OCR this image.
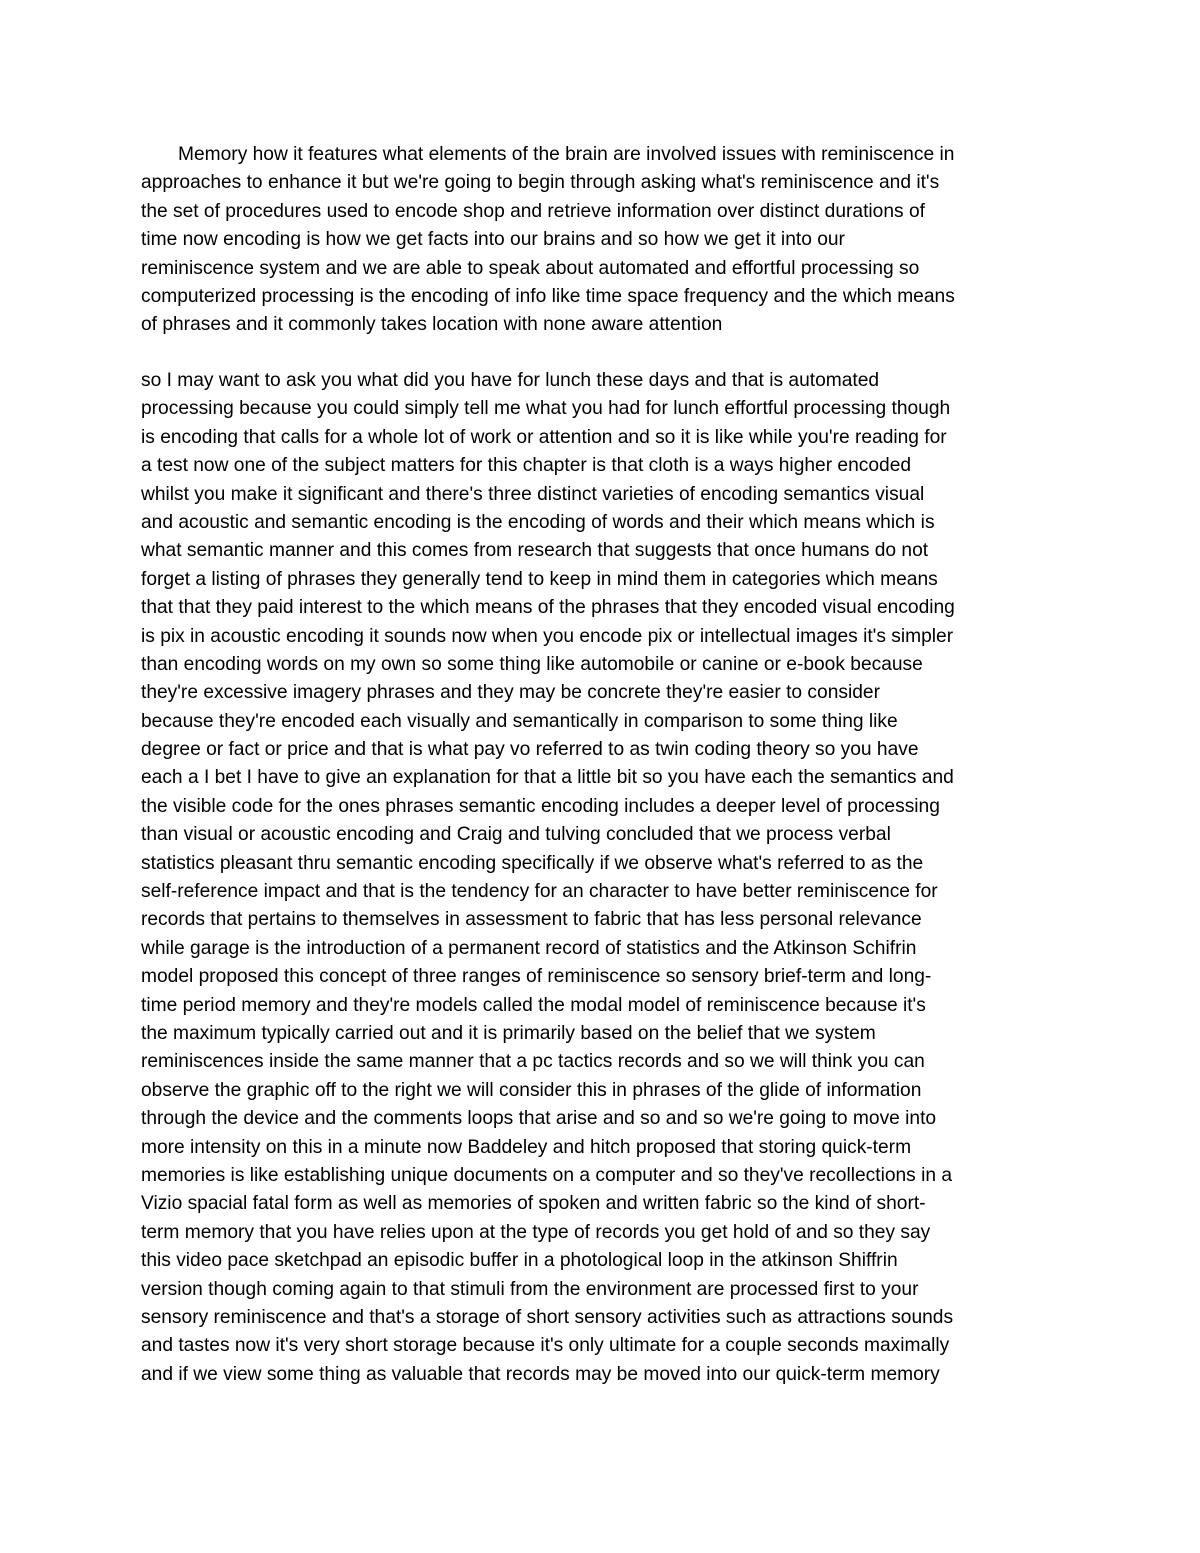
Memory how it features what elements of the brain are involved issues with reminiscence in
approaches to enhance it but we're going to begin through asking what's reminiscence and it's
the set of procedures used to encode shop and retrieve information over distinct durations of
time now encoding is how we get facts into our brains and so how we get it into our
reminiscence system and we are able to speak about automated and effortful processing so
computerized processing is the encoding of info like time space frequency and the which means
of phrases and it commonly takes location with none aware attention
so I may want to ask you what did you have for lunch these days and that is automated
processing because you could simply tell me what you had for lunch effortful processing though
is encoding that calls for a whole lot of work or attention and so it is like while you're reading for
a test now one of the subject matters for this chapter is that cloth is a ways higher encoded
whilst you make it significant and there's three distinct varieties of encoding semantics visual
and acoustic and semantic encoding is the encoding of words and their which means which is
what semantic manner and this comes from research that suggests that once humans do not
forget a listing of phrases they generally tend to keep in mind them in categories which means
that that they paid interest to the which means of the phrases that they encoded visual encoding
is pix in acoustic encoding it sounds now when you encode pix or intellectual images it's simpler
than encoding words on my own so some thing like automobile or canine or e-book because
they're excessive imagery phrases and they may be concrete they're easier to consider
because they're encoded each visually and semantically in comparison to some thing like
degree or fact or price and that is what pay vo referred to as twin coding theory so you have
each a I bet I have to give an explanation for that a little bit so you have each the semantics and
the visible code for the ones phrases semantic encoding includes a deeper level of processing
than visual or acoustic encoding and Craig and tulving concluded that we process verbal
statistics pleasant thru semantic encoding specifically if we observe what's referred to as the
self-reference impact and that is the tendency for an character to have better reminiscence for
records that pertains to themselves in assessment to fabric that has less personal relevance
while garage is the introduction of a permanent record of statistics and the Atkinson Schifrin
model proposed this concept of three ranges of reminiscence so sensory brief-term and long-
time period memory and they're models called the modal model of reminiscence because it's
the maximum typically carried out and it is primarily based on the belief that we system
reminiscences inside the same manner that a pc tactics records and so we will think you can
observe the graphic off to the right we will consider this in phrases of the glide of information
through the device and the comments loops that arise and so and so we're going to move into
more intensity on this in a minute now Baddeley and hitch proposed that storing quick-term
memories is like establishing unique documents on a computer and so they've recollections in a
Vizio spacial fatal form as well as memories of spoken and written fabric so the kind of short-
term memory that you have relies upon at the type of records you get hold of and so they say
this video pace sketchpad an episodic buffer in a photological loop in the atkinson Shiffrin
version though coming again to that stimuli from the environment are processed first to your
sensory reminiscence and that's a storage of short sensory activities such as attractions sounds
and tastes now it's very short storage because it's only ultimate for a couple seconds maximally
and if we view some thing as valuable that records may be moved into our quick-term memory
